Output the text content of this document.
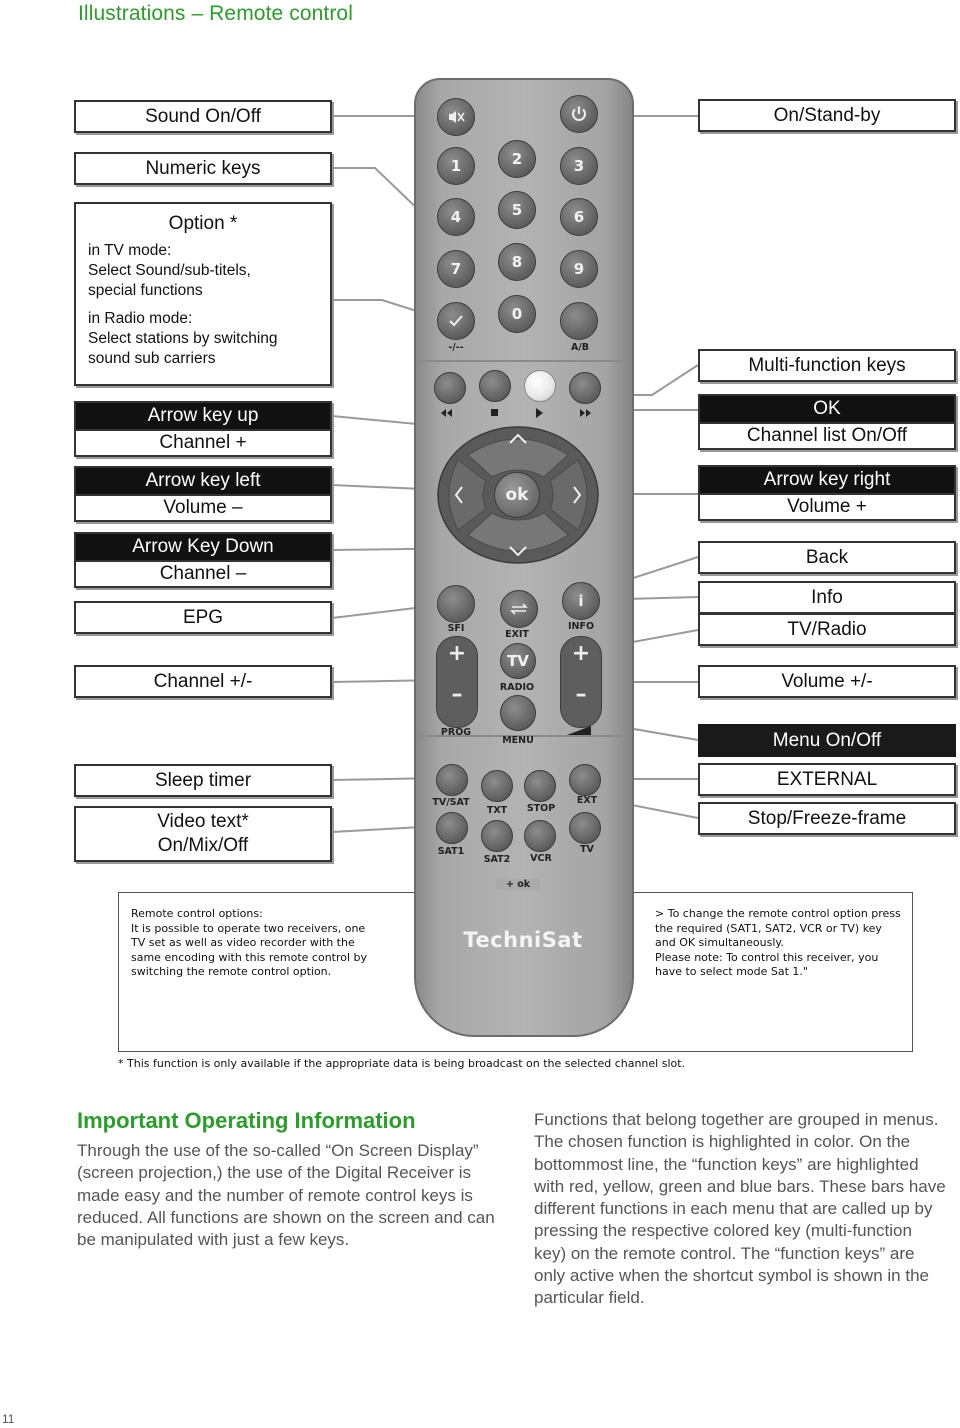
Illustrations – Remote control
Sound On/Off
Numeric keys
Option *
in TV mode:
Select Sound/sub-titels,
special functions
in Radio mode:
Select stations by switching
sound sub carriers
Arrow key up
Channel +
Arrow key left
Volume –
Arrow Key Down
Channel –
EPG
Channel +/-
Sleep timer
Video text*
On/Mix/Off
On/Stand-by
Multi-function keys
OK
Channel list On/Off
Arrow key right
Volume +
Back
Info
TV/Radio
Volume +/-
Menu On/Off
EXTERNAL
Stop/Freeze-frame
Remote control options:
It is possible to operate two receivers, one
TV set as well as video recorder with the
same encoding with this remote control by
switching the remote control option.
> To change the remote control option press
the required (SAT1, SAT2, VCR or TV) key
and OK simultaneously.
Please note: To control this receiver, you
have to select mode Sat 1."
1	2	3
4	5	6
7	8	9
0
-/--	A/B
ok
i
SFI
EXIT
INFO
+
–
+
–
TV
RADIO
PROG
MENU
TV/SAT
TXT	STOP
EXT
SAT1
SAT2	VCR
TV
+ ok
TechniSat
* This function is only available if the appropriate data is being broadcast on the selected channel slot.
Important Operating Information
Through the use of the so-called “On Screen Display”
(screen projection,) the use of the Digital Receiver is
made easy and the number of remote control keys is
reduced. All functions are shown on the screen and can
be manipulated with just a few keys.
Functions that belong together are grouped in menus.
The chosen function is highlighted in color. On the
bottommost line, the “function keys” are highlighted
with red, yellow, green and blue bars. These bars have
different functions in each menu that are called up by
pressing the respective colored key (multi-function
key) on the remote control. The “function keys” are
only active when the shortcut symbol is shown in the
particular field.
11
